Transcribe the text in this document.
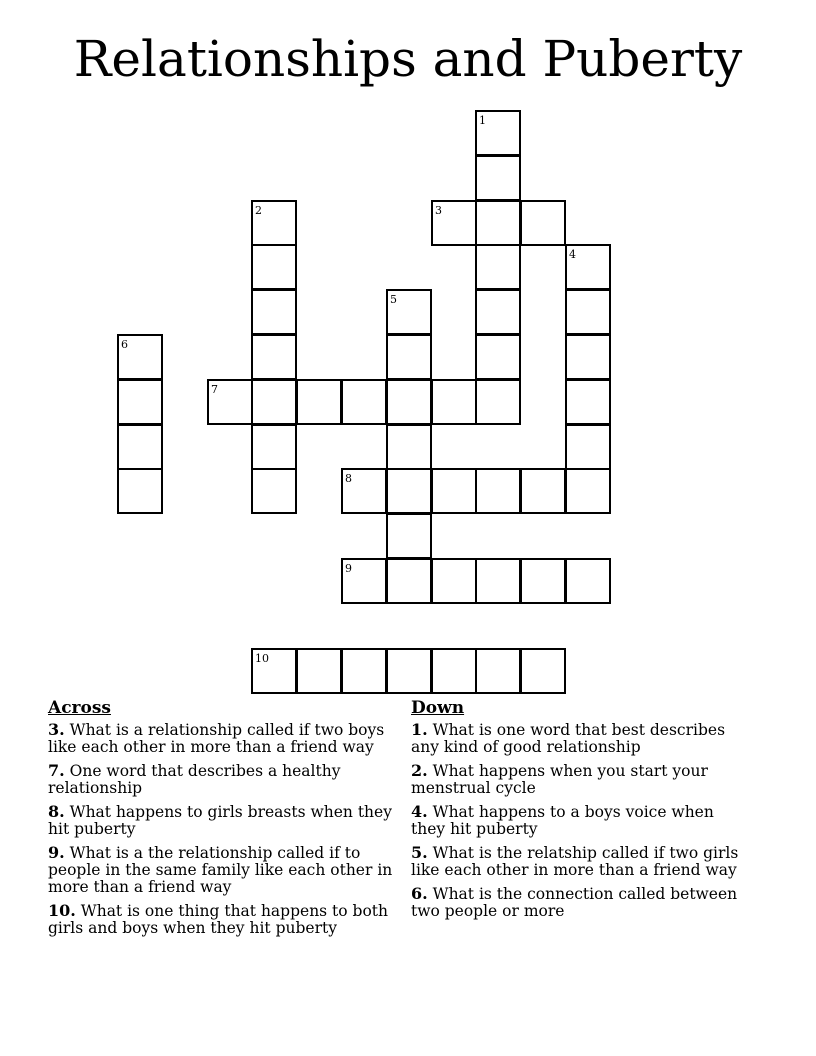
Relationships and Puberty
1
2	3
4
5
6
7
8
9
10
Across
3. What is a relationship called if two boys like each other in more than a friend way
7. One word that describes a healthy relationship
8. What happens to girls breasts when they hit puberty
9. What is a the relationship called if to people in the same family like each other in more than a friend way
10. What is one thing that happens to both girls and boys when they hit puberty
Down
1. What is one word that best describes any kind of good relationship
2. What happens when you start your menstrual cycle
4. What happens to a boys voice when they hit puberty
5. What is the relatship called if two girls like each other in more than a friend way
6. What is the connection called between two people or more
